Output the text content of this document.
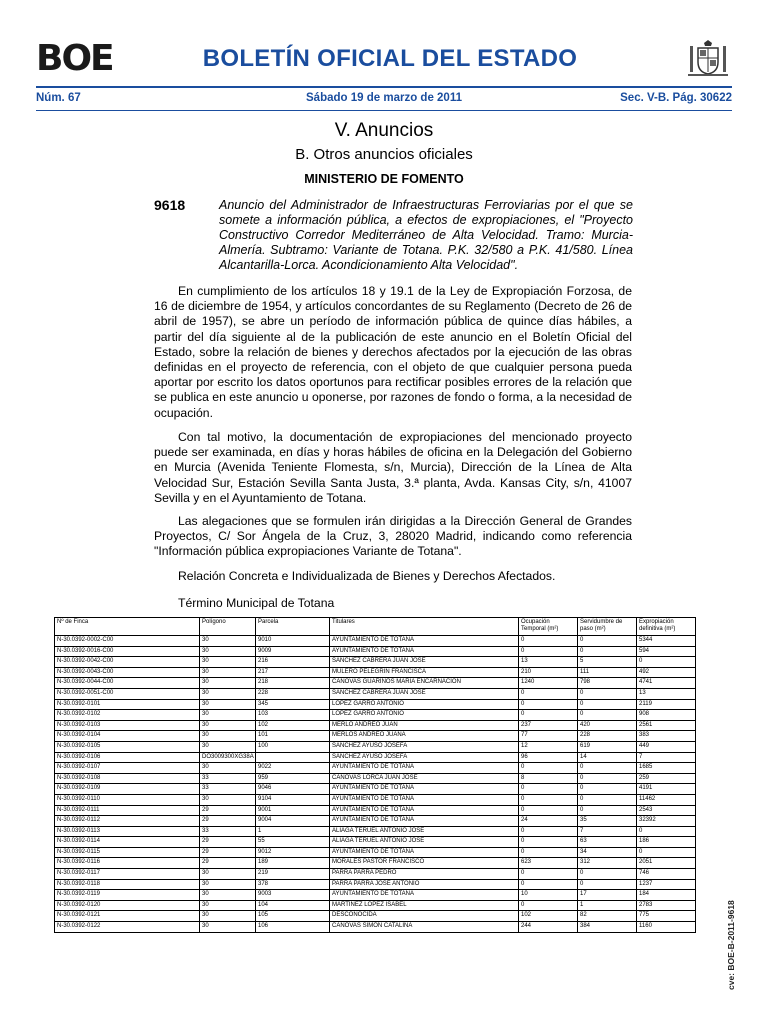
BOE	BOLETÍN OFICIAL DEL ESTADO
Núm. 67	Sábado 19 de marzo de 2011	Sec. V-B. Pág. 30622
V. Anuncios
B. Otros anuncios oficiales
MINISTERIO DE FOMENTO
9618	Anuncio del Administrador de Infraestructuras Ferroviarias por el que se somete a información pública, a efectos de expropiaciones, el "Proyecto Constructivo Corredor Mediterráneo de Alta Velocidad. Tramo: Murcia-Almería. Subtramo: Variante de Totana. P.K. 32/580 a P.K. 41/580. Línea Alcantarilla-Lorca. Acondicionamiento Alta Velocidad".
En cumplimiento de los artículos 18 y 19.1 de la Ley de Expropiación Forzosa, de 16 de diciembre de 1954, y artículos concordantes de su Reglamento (Decreto de 26 de abril de 1957), se abre un período de información pública de quince días hábiles, a partir del día siguiente al de la publicación de este anuncio en el Boletín Oficial del Estado, sobre la relación de bienes y derechos afectados por la ejecución de las obras definidas en el proyecto de referencia, con el objeto de que cualquier persona pueda aportar por escrito los datos oportunos para rectificar posibles errores de la relación que se publica en este anuncio u oponerse, por razones de fondo o forma, a la necesidad de ocupación.
Con tal motivo, la documentación de expropiaciones del mencionado proyecto puede ser examinada, en días y horas hábiles de oficina en la Delegación del Gobierno en Murcia (Avenida Teniente Flomesta, s/n, Murcia), Dirección de la Línea de Alta Velocidad Sur, Estación Sevilla Santa Justa, 3.ª planta, Avda. Kansas City, s/n, 41007 Sevilla y en el Ayuntamiento de Totana.
Las alegaciones que se formulen irán dirigidas a la Dirección General de Grandes Proyectos, C/ Sor Ángela de la Cruz, 3, 28020 Madrid, indicando como referencia "Información pública expropiaciones Variante de Totana".
Relación Concreta e Individualizada de Bienes y Derechos Afectados.
Término Municipal de Totana
Nº de Finca	Polígono	Parcela	Titulares	Ocupación Temporal (m²)	Servidumbre de paso (m²)	Expropiación definitiva (m²)
N-30.0392-0002-C00	30	9010	AYUNTAMIENTO DE TOTANA	0	0	5344
N-30.0392-0016-C00	30	9009	AYUNTAMIENTO DE TOTANA	0	0	594
N-30.0392-0042-C00	30	216	SANCHEZ CABRERA JUAN JOSE	13	5	0
N-30.0392-0043-C00	30	217	MULERO PELEGRIN FRANCISCA	210	111	492
N-30.0392-0044-C00	30	218	CANOVAS GUARINOS MARIA ENCARNACION	1240	798	4741
N-30.0392-0051-C00	30	228	SANCHEZ CABRERA JUAN JOSE	0	0	13
N-30.0392-0101	30	345	LOPEZ GARRO ANTONIO	0	0	2119
N-30.0392-0102	30	103	LOPEZ GARRO ANTONIO	0	0	908
N-30.0392-0103	30	102	MERLO ANDREO JUAN	237	420	2561
N-30.0392-0104	30	101	MERLOS ANDREO JUANA	77	228	383
N-30.0392-0105	30	100	SANCHEZ AYUSO JOSEFA	12	619	449
N-30.0392-0106	DO3009300XG38A		SANCHEZ AYUSO JOSEFA	96	14	7
N-30.0392-0107	30	9022	AYUNTAMIENTO DE TOTANA	0	0	1685
N-30.0392-0108	33	959	CANOVAS LORCA JUAN JOSE	8	0	259
N-30.0392-0109	33	9046	AYUNTAMIENTO DE TOTANA	0	0	4191
N-30.0392-0110	30	9104	AYUNTAMIENTO DE TOTANA	0	0	11462
N-30.0392-0111	29	9001	AYUNTAMIENTO DE TOTANA	0	0	2543
N-30.0392-0112	29	9004	AYUNTAMIENTO DE TOTANA	24	35	32392
N-30.0392-0113	33	1	ALIAGA TERUEL ANTONIO JOSE	0	7	0
N-30.0392-0114	29	55	ALIAGA TERUEL ANTONIO JOSE	0	63	186
N-30.0392-0115	29	9012	AYUNTAMIENTO DE TOTANA	0	34	0
N-30.0392-0116	29	189	MORALES PASTOR FRANCISCO	623	312	2051
N-30.0392-0117	30	219	PARRA PARRA PEDRO	0	0	746
N-30.0392-0118	30	378	PARRA PARRA JOSE ANTONIO	0	0	1237
N-30.0392-0119	30	9003	AYUNTAMIENTO DE TOTANA	10	17	184
N-30.0392-0120	30	104	MARTINEZ LOPEZ ISABEL	0	1	2783
N-30.0392-0121	30	105	DESCONOCIDA	102	82	775
N-30.0392-0122	30	106	CANOVAS SIMON CATALINA	244	384	1160	cve: BOE-B-2011-9618
